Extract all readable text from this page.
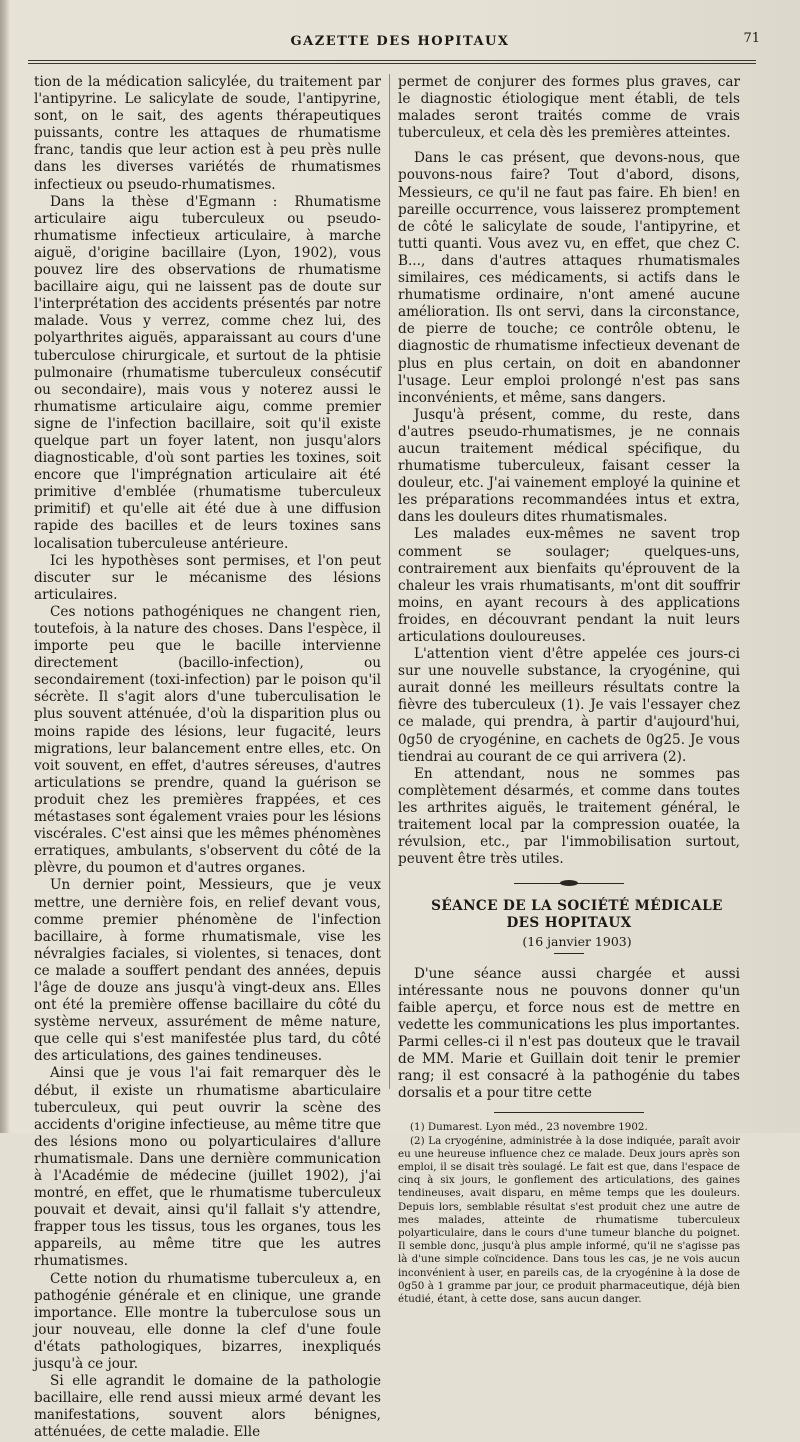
GAZETTE DES HOPITAUX	71

tion de la médication salicylée, du traitement par l'antipyrine. Le salicylate de soude, l'antipyrine, sont, on le sait, des agents thérapeutiques puissants, contre les attaques de rhumatisme franc, tandis que leur action est à peu près nulle dans les diverses variétés de rhumatismes infectieux ou pseudo-rhumatismes.

Dans la thèse d'Egmann : Rhumatisme articulaire aigu tuberculeux ou pseudo-rhumatisme infectieux articulaire, à marche aiguë, d'origine bacillaire (Lyon, 1902), vous pouvez lire des observations de rhumatisme bacillaire aigu, qui ne laissent pas de doute sur l'interprétation des accidents présentés par notre malade. Vous y verrez, comme chez lui, des polyarthrites aiguës, apparaissant au cours d'une tuberculose chirurgicale, et surtout de la phtisie pulmonaire (rhumatisme tuberculeux consécutif ou secondaire), mais vous y noterez aussi le rhumatisme articulaire aigu, comme premier signe de l'infection bacillaire, soit qu'il existe quelque part un foyer latent, non jusqu'alors diagnosticable, d'où sont parties les toxines, soit encore que l'imprégnation articulaire ait été primitive d'emblée (rhumatisme tuberculeux primitif) et qu'elle ait été due à une diffusion rapide des bacilles et de leurs toxines sans localisation tuberculeuse antérieure.

Ici les hypothèses sont permises, et l'on peut discuter sur le mécanisme des lésions articulaires.

Ces notions pathogéniques ne changent rien, toutefois, à la nature des choses. Dans l'espèce, il importe peu que le bacille intervienne directement (bacillo-infection), ou secondairement (toxi-infection) par le poison qu'il sécrète. Il s'agit alors d'une tuberculisation le plus souvent atténuée, d'où la disparition plus ou moins rapide des lésions, leur fugacité, leurs migrations, leur balancement entre elles, etc. On voit souvent, en effet, d'autres séreuses, d'autres articulations se prendre, quand la guérison se produit chez les premières frappées, et ces métastases sont également vraies pour les lésions viscérales. C'est ainsi que les mêmes phénomènes erratiques, ambulants, s'observent du côté de la plèvre, du poumon et d'autres organes.

Un dernier point, Messieurs, que je veux mettre, une dernière fois, en relief devant vous, comme premier phénomène de l'infection bacillaire, à forme rhumatismale, vise les névralgies faciales, si violentes, si tenaces, dont ce malade a souffert pendant des années, depuis l'âge de douze ans jusqu'à vingt-deux ans. Elles ont été la première offense bacillaire du côté du système nerveux, assurément de même nature, que celle qui s'est manifestée plus tard, du côté des articulations, des gaines tendineuses.

Ainsi que je vous l'ai fait remarquer dès le début, il existe un rhumatisme abarticulaire tuberculeux, qui peut ouvrir la scène des accidents d'origine infectieuse, au même titre que des lésions mono ou polyarticulaires d'allure rhumatismale. Dans une dernière communication à l'Académie de médecine (juillet 1902), j'ai montré, en effet, que le rhumatisme tuberculeux pouvait et devait, ainsi qu'il fallait s'y attendre, frapper tous les tissus, tous les organes, tous les appareils, au même titre que les autres rhumatismes.

Cette notion du rhumatisme tuberculeux a, en pathogénie générale et en clinique, une grande importance. Elle montre la tuberculose sous un jour nouveau, elle donne la clef d'une foule d'états pathologiques, bizarres, inexpliqués jusqu'à ce jour.

Si elle agrandit le domaine de la pathologie bacillaire, elle rend aussi mieux armé devant les manifestations, souvent alors bénignes, atténuées, de cette maladie. Elle

permet de conjurer des formes plus graves, car le diagnostic étiologique ment établi, de tels malades seront traités comme de vrais tuberculeux, et cela dès les premières atteintes.

Dans le cas présent, que devons-nous, que pouvons-nous faire? Tout d'abord, disons, Messieurs, ce qu'il ne faut pas faire. Eh bien! en pareille occurrence, vous laisserez promptement de côté le salicylate de soude, l'antipyrine, et tutti quanti. Vous avez vu, en effet, que chez C. B..., dans d'autres attaques rhumatismales similaires, ces médicaments, si actifs dans le rhumatisme ordinaire, n'ont amené aucune amélioration. Ils ont servi, dans la circonstance, de pierre de touche; ce contrôle obtenu, le diagnostic de rhumatisme infectieux devenant de plus en plus certain, on doit en abandonner l'usage. Leur emploi prolongé n'est pas sans inconvénients, et même, sans dangers.

Jusqu'à présent, comme, du reste, dans d'autres pseudo-rhumatismes, je ne connais aucun traitement médical spécifique, du rhumatisme tuberculeux, faisant cesser la douleur, etc. J'ai vainement employé la quinine et les préparations recommandées intus et extra, dans les douleurs dites rhumatismales.

Les malades eux-mêmes ne savent trop comment se soulager; quelques-uns, contrairement aux bienfaits qu'éprouvent de la chaleur les vrais rhumatisants, m'ont dit souffrir moins, en ayant recours à des applications froides, en découvrant pendant la nuit leurs articulations douloureuses.

L'attention vient d'être appelée ces jours-ci sur une nouvelle substance, la cryogénine, qui aurait donné les meilleurs résultats contre la fièvre des tuberculeux (1). Je vais l'essayer chez ce malade, qui prendra, à partir d'aujourd'hui, 0g50 de cryogénine, en cachets de 0g25. Je vous tiendrai au courant de ce qui arrivera (2).

En attendant, nous ne sommes pas complètement désarmés, et comme dans toutes les arthrites aiguës, le traitement général, le traitement local par la compression ouatée, la révulsion, etc., par l'immobilisation surtout, peuvent être très utiles.

SÉANCE DE LA SOCIÉTÉ MÉDICALE DES HOPITAUX

(16 janvier 1903)

D'une séance aussi chargée et aussi intéressante nous ne pouvons donner qu'un faible aperçu, et force nous est de mettre en vedette les communications les plus importantes. Parmi celles-ci il n'est pas douteux que le travail de MM. Marie et Guillain doit tenir le premier rang; il est consacré à la pathogénie du tabes dorsalis et a pour titre cette

(1) Dumarest. Lyon méd., 23 novembre 1902.

(2) La cryogénine, administrée à la dose indiquée, paraît avoir eu une heureuse influence chez ce malade. Deux jours après son emploi, il se disait très soulagé. Le fait est que, dans l'espace de cinq à six jours, le gonflement des articulations, des gaines tendineuses, avait disparu, en même temps que les douleurs. Depuis lors, semblable résultat s'est produit chez une autre de mes malades, atteinte de rhumatisme tuberculeux polyarticulaire, dans le cours d'une tumeur blanche du poignet. Il semble donc, jusqu'à plus ample informé, qu'il ne s'agisse pas là d'une simple coïncidence. Dans tous les cas, je ne vois aucun inconvénient à user, en pareils cas, de la cryogénine à la dose de 0g50 à 1 gramme par jour, ce produit pharmaceutique, déjà bien étudié, étant, à cette dose, sans aucun danger.
